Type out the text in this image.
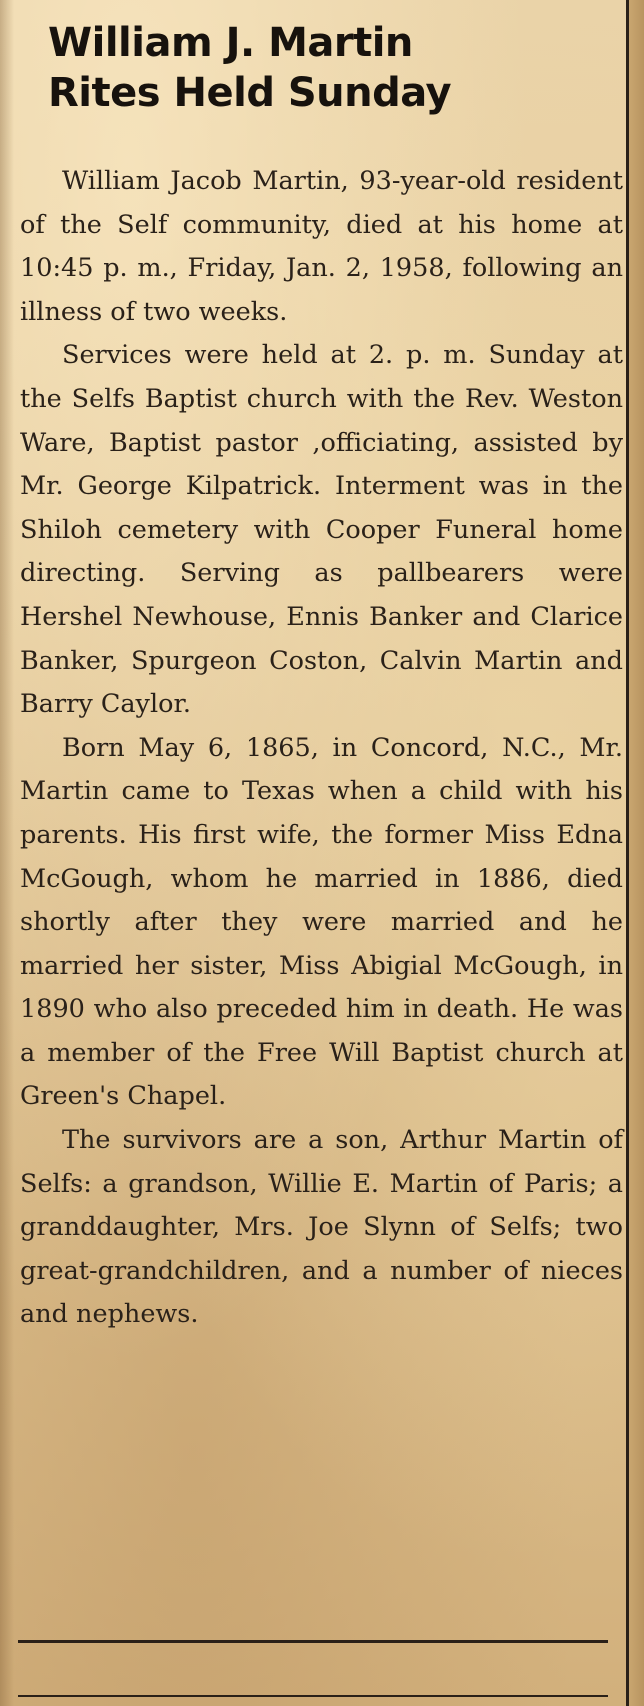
William J. Martin
Rites Held Sunday

William Jacob Martin, 93-year-old resident of the Self community, died at his home at 10:45 p. m., Friday, Jan. 2, 1958, following an illness of two weeks.

Services were held at 2. p. m. Sunday at the Selfs Baptist church with the Rev. Weston Ware, Baptist pastor ,officiating, assisted by Mr. George Kilpatrick. Interment was in the Shiloh cemetery with Cooper Funeral home directing. Serving as pallbearers were Hershel Newhouse, Ennis Banker and Clarice Banker, Spurgeon Coston, Calvin Martin and Barry Caylor.

Born May 6, 1865, in Concord, N.C., Mr. Martin came to Texas when a child with his parents. His first wife, the former Miss Edna McGough, whom he married in 1886, died shortly after they were married and he married her sister, Miss Abigial McGough, in 1890 who also preceded him in death. He was a member of the Free Will Baptist church at Green's Chapel.

The survivors are a son, Arthur Martin of Selfs: a grandson, Willie E. Martin of Paris; a granddaughter, Mrs. Joe Slynn of Selfs; two great-grandchildren, and a number of nieces and nephews.
